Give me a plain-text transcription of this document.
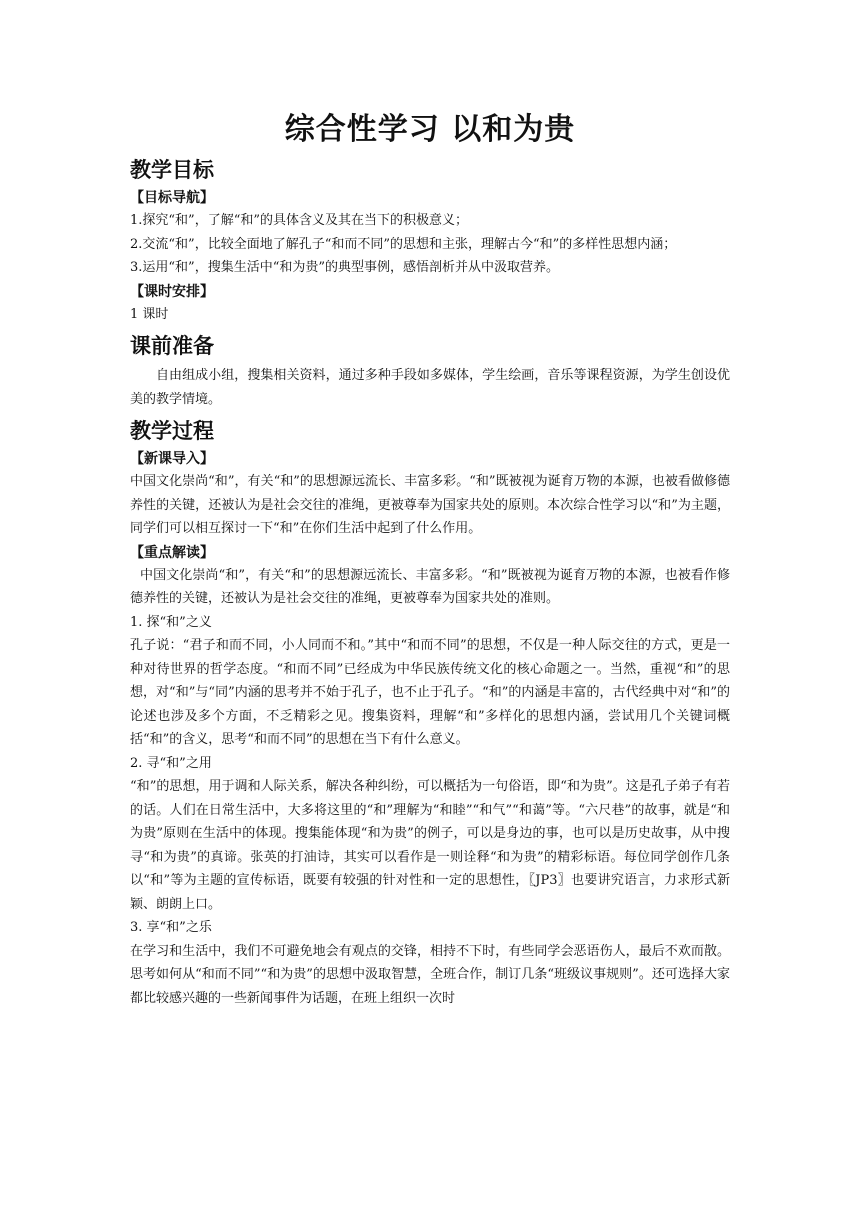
综合性学习 以和为贵
教学目标
【目标导航】

1.探究“和”，了解“和”的具体含义及其在当下的积极意义；

2.交流“和”，比较全面地了解孔子“和而不同”的思想和主张，理解古今“和”的多样性思想内涵；

3.运用“和”，搜集生活中“和为贵”的典型事例，感悟剖析并从中汲取营养。

【课时安排】

1 课时

课前准备

自由组成小组，搜集相关资料，通过多种手段如多媒体，学生绘画，音乐等课程资源，为学生创设优美的教学情境。

教学过程
【新课导入】

中国文化崇尚“和”，有关“和”的思想源远流长、丰富多彩。“和”既被视为诞育万物的本源，也被看做修德养性的关键，还被认为是社会交往的准绳，更被尊奉为国家共处的原则。本次综合性学习以“和”为主题，同学们可以相互探讨一下“和”在你们生活中起到了什么作用。

【重点解读】

中国文化崇尚“和”，有关“和”的思想源远流长、丰富多彩。“和”既被视为诞育万物的本源，也被看作修德养性的关键，还被认为是社会交往的准绳，更被尊奉为国家共处的准则。

1. 探“和”之义

孔子说：“君子和而不同，小人同而不和。”其中“和而不同”的思想，不仅是一种人际交往的方式，更是一种对待世界的哲学态度。“和而不同”已经成为中华民族传统文化的核心命题之一。当然，重视“和”的思想，对“和”与“同”内涵的思考并不始于孔子，也不止于孔子。“和”的内涵是丰富的，古代经典中对“和”的论述也涉及多个方面，不乏精彩之见。搜集资料，理解“和”多样化的思想内涵，尝试用几个关键词概括“和”的含义，思考“和而不同”的思想在当下有什么意义。

2. 寻“和”之用

“和”的思想，用于调和人际关系，解决各种纠纷，可以概括为一句俗语，即“和为贵”。这是孔子弟子有若的话。人们在日常生活中，大多将这里的“和”理解为“和睦”“和气”“和蔼”等。“六尺巷”的故事，就是“和为贵”原则在生活中的体现。搜集能体现“和为贵”的例子，可以是身边的事，也可以是历史故事，从中搜寻“和为贵”的真谛。张英的打油诗，其实可以看作是一则诠释“和为贵”的精彩标语。每位同学创作几条以“和”等为主题的宣传标语，既要有较强的针对性和一定的思想性，〖JP3〗也要讲究语言，力求形式新颖、朗朗上口。

3. 享“和”之乐

在学习和生活中，我们不可避免地会有观点的交锋，相持不下时，有些同学会恶语伤人，最后不欢而散。思考如何从“和而不同”“和为贵”的思想中汲取智慧，全班合作，制订几条“班级议事规则”。还可选择大家都比较感兴趣的一些新闻事件为话题，在班上组织一次时
